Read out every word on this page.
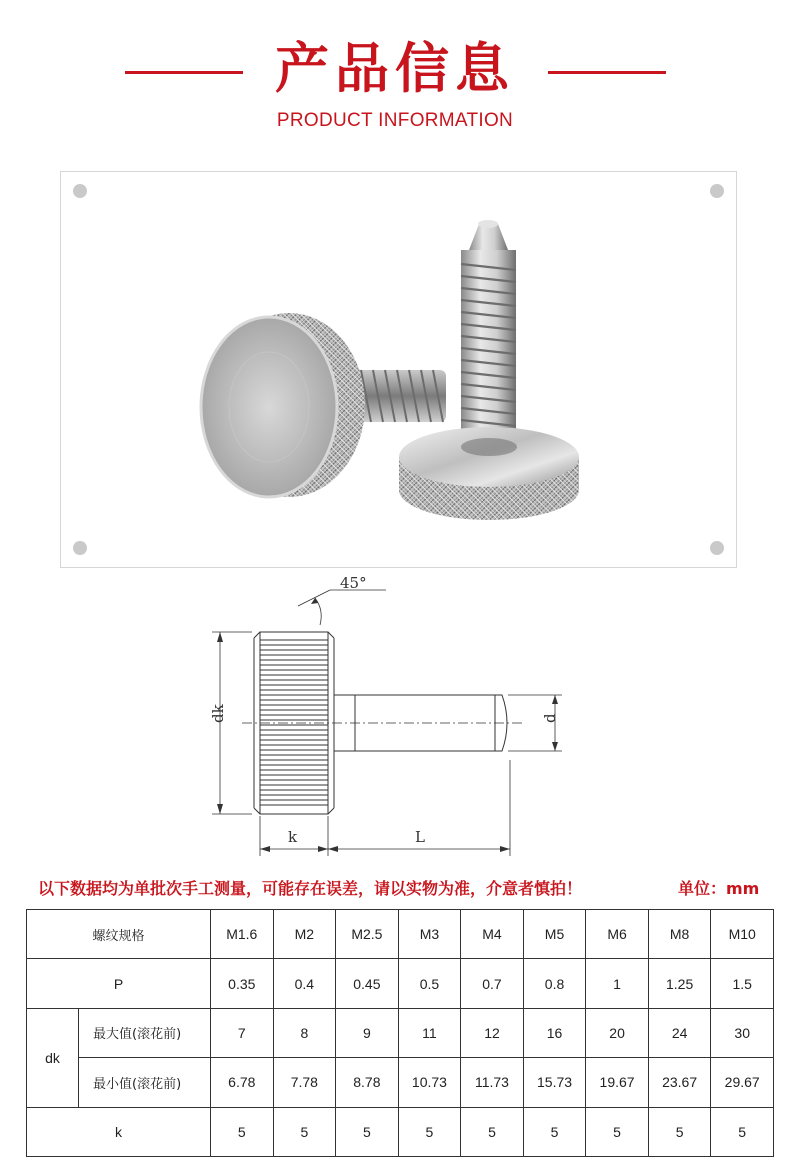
产品信息
PRODUCT INFORMATION
45°
dk	d
k	L
以下数据均为单批次手工测量，可能存在误差，请以实物为准，介意者慎拍！	单位：mm
螺纹规格		M1.6	M2	M2.5	M3	M4	M5	M6	M8	M10
P		0.35	0.4	0.45	0.5	0.7	0.8	1	1.25	1.5
dk	最大值(滚花前)	7	8	9	11	12	16	20	24	30
	最小值(滚花前)	6.78	7.78	8.78	10.73	11.73	15.73	19.67	23.67	29.67
k		5	5	5	5	5	5	5	5	5
